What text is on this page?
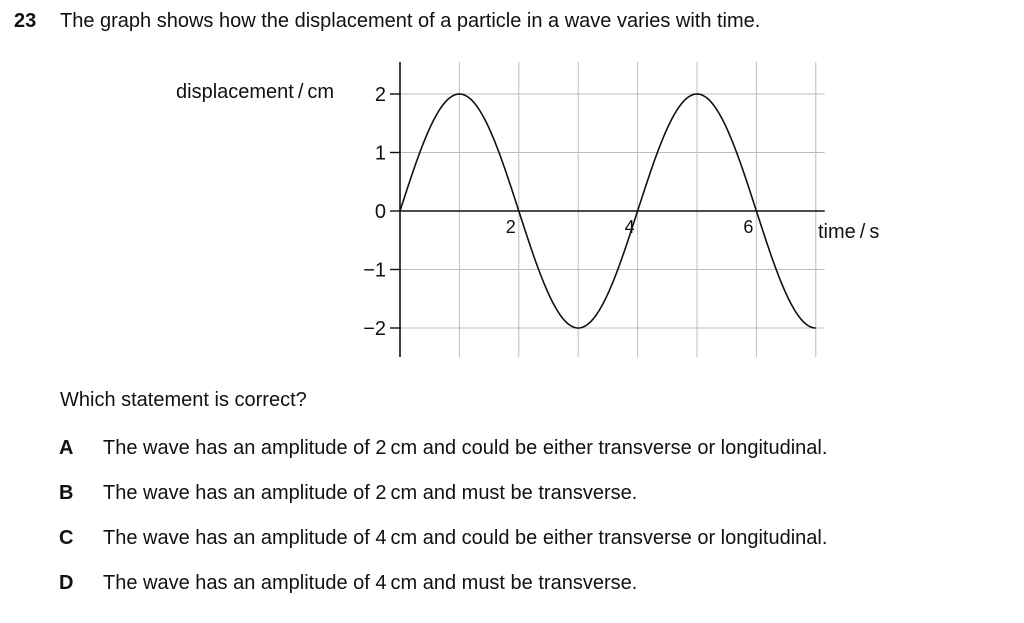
23 The graph shows how the displacement of a particle in a wave varies with time.
displacement / cm
time / s
2
1
0
−1
−2
2	4	6
Which statement is correct?
A The wave has an amplitude of 2 cm and could be either transverse or longitudinal.
B The wave has an amplitude of 2 cm and must be transverse.
C The wave has an amplitude of 4 cm and could be either transverse or longitudinal.
D The wave has an amplitude of 4 cm and must be transverse.
